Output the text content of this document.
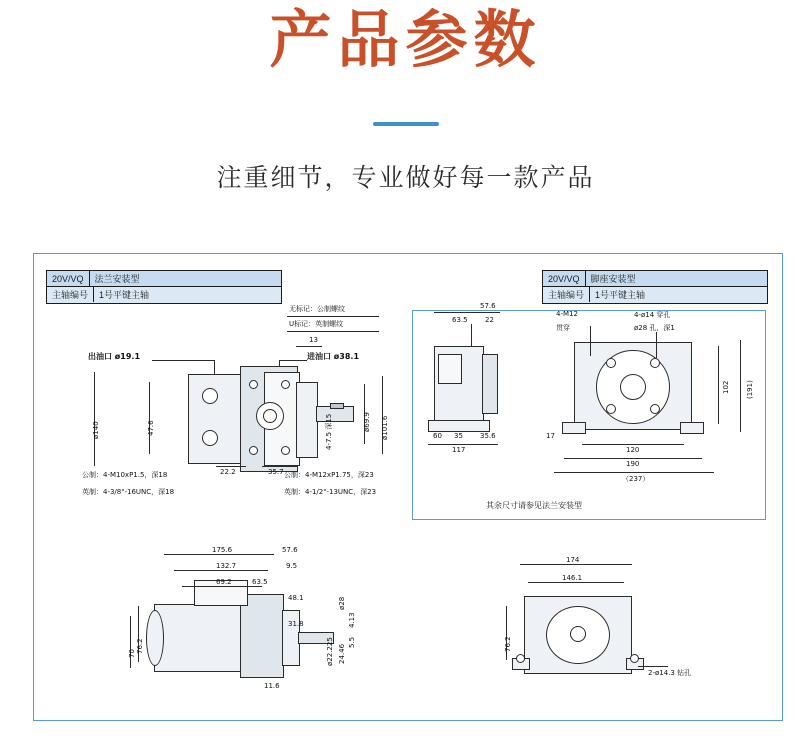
产品参数
注重细节，专业做好每一款产品
20V/VQ	法兰安装型
主轴编号	1号平键主轴
无标记：公制螺纹
U标记：英制螺纹
出油口 ø19.1	进油口 ø38.1
13
ø140	47.6	ø69.9 ø101.6
4-7.5 深15
22.2	35.7
公制：4-M10xP1.5，深18
英制：4-3/8"-16UNC，深18
公制：4-M12xP1.75，深23
英制：4-1/2"-13UNC，深23
20V/VQ	脚座安装型
主轴编号	1号平键主轴
63.5
57.6
22
60 35 35.6
117
4-M12
贯穿
4-ø14 穿孔
ø28 孔，深1
102 (191)
17
120
190
（237）
其余尺寸请参见法兰安装型
175.6	57.6
132.7	9.5
69.2	63.5
48.1
31.8
76.2
70	ø22.225 24.46
5.5
ø28
4.13
11.6
174
146.1
76.2
2-ø14.3 钻孔
